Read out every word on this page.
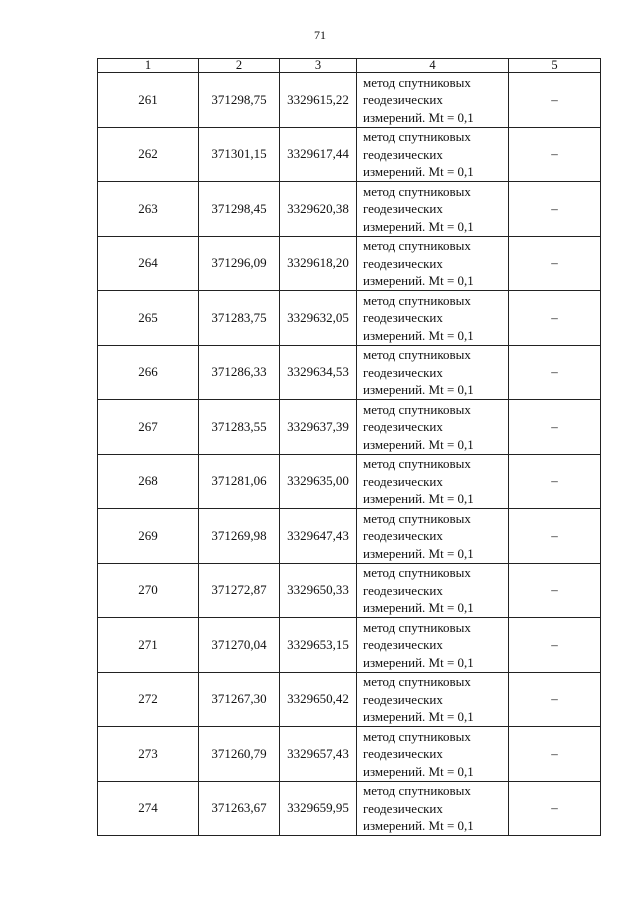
71
1	2	3	4	5
261	371298,75	3329615,22	метод спутниковых
геодезических
измерений. Mt = 0,1	–
262	371301,15	3329617,44	метод спутниковых
геодезических
измерений. Mt = 0,1	–
263	371298,45	3329620,38	метод спутниковых
геодезических
измерений. Mt = 0,1	–
264	371296,09	3329618,20	метод спутниковых
геодезических
измерений. Mt = 0,1	–
265	371283,75	3329632,05	метод спутниковых
геодезических
измерений. Mt = 0,1	–
266	371286,33	3329634,53	метод спутниковых
геодезических
измерений. Mt = 0,1	–
267	371283,55	3329637,39	метод спутниковых
геодезических
измерений. Mt = 0,1	–
268	371281,06	3329635,00	метод спутниковых
геодезических
измерений. Mt = 0,1	–
269	371269,98	3329647,43	метод спутниковых
геодезических
измерений. Mt = 0,1	–
270	371272,87	3329650,33	метод спутниковых
геодезических
измерений. Mt = 0,1	–
271	371270,04	3329653,15	метод спутниковых
геодезических
измерений. Mt = 0,1	–
272	371267,30	3329650,42	метод спутниковых
геодезических
измерений. Mt = 0,1	–
273	371260,79	3329657,43	метод спутниковых
геодезических
измерений. Mt = 0,1	–
274	371263,67	3329659,95	метод спутниковых
геодезических
измерений. Mt = 0,1	–
